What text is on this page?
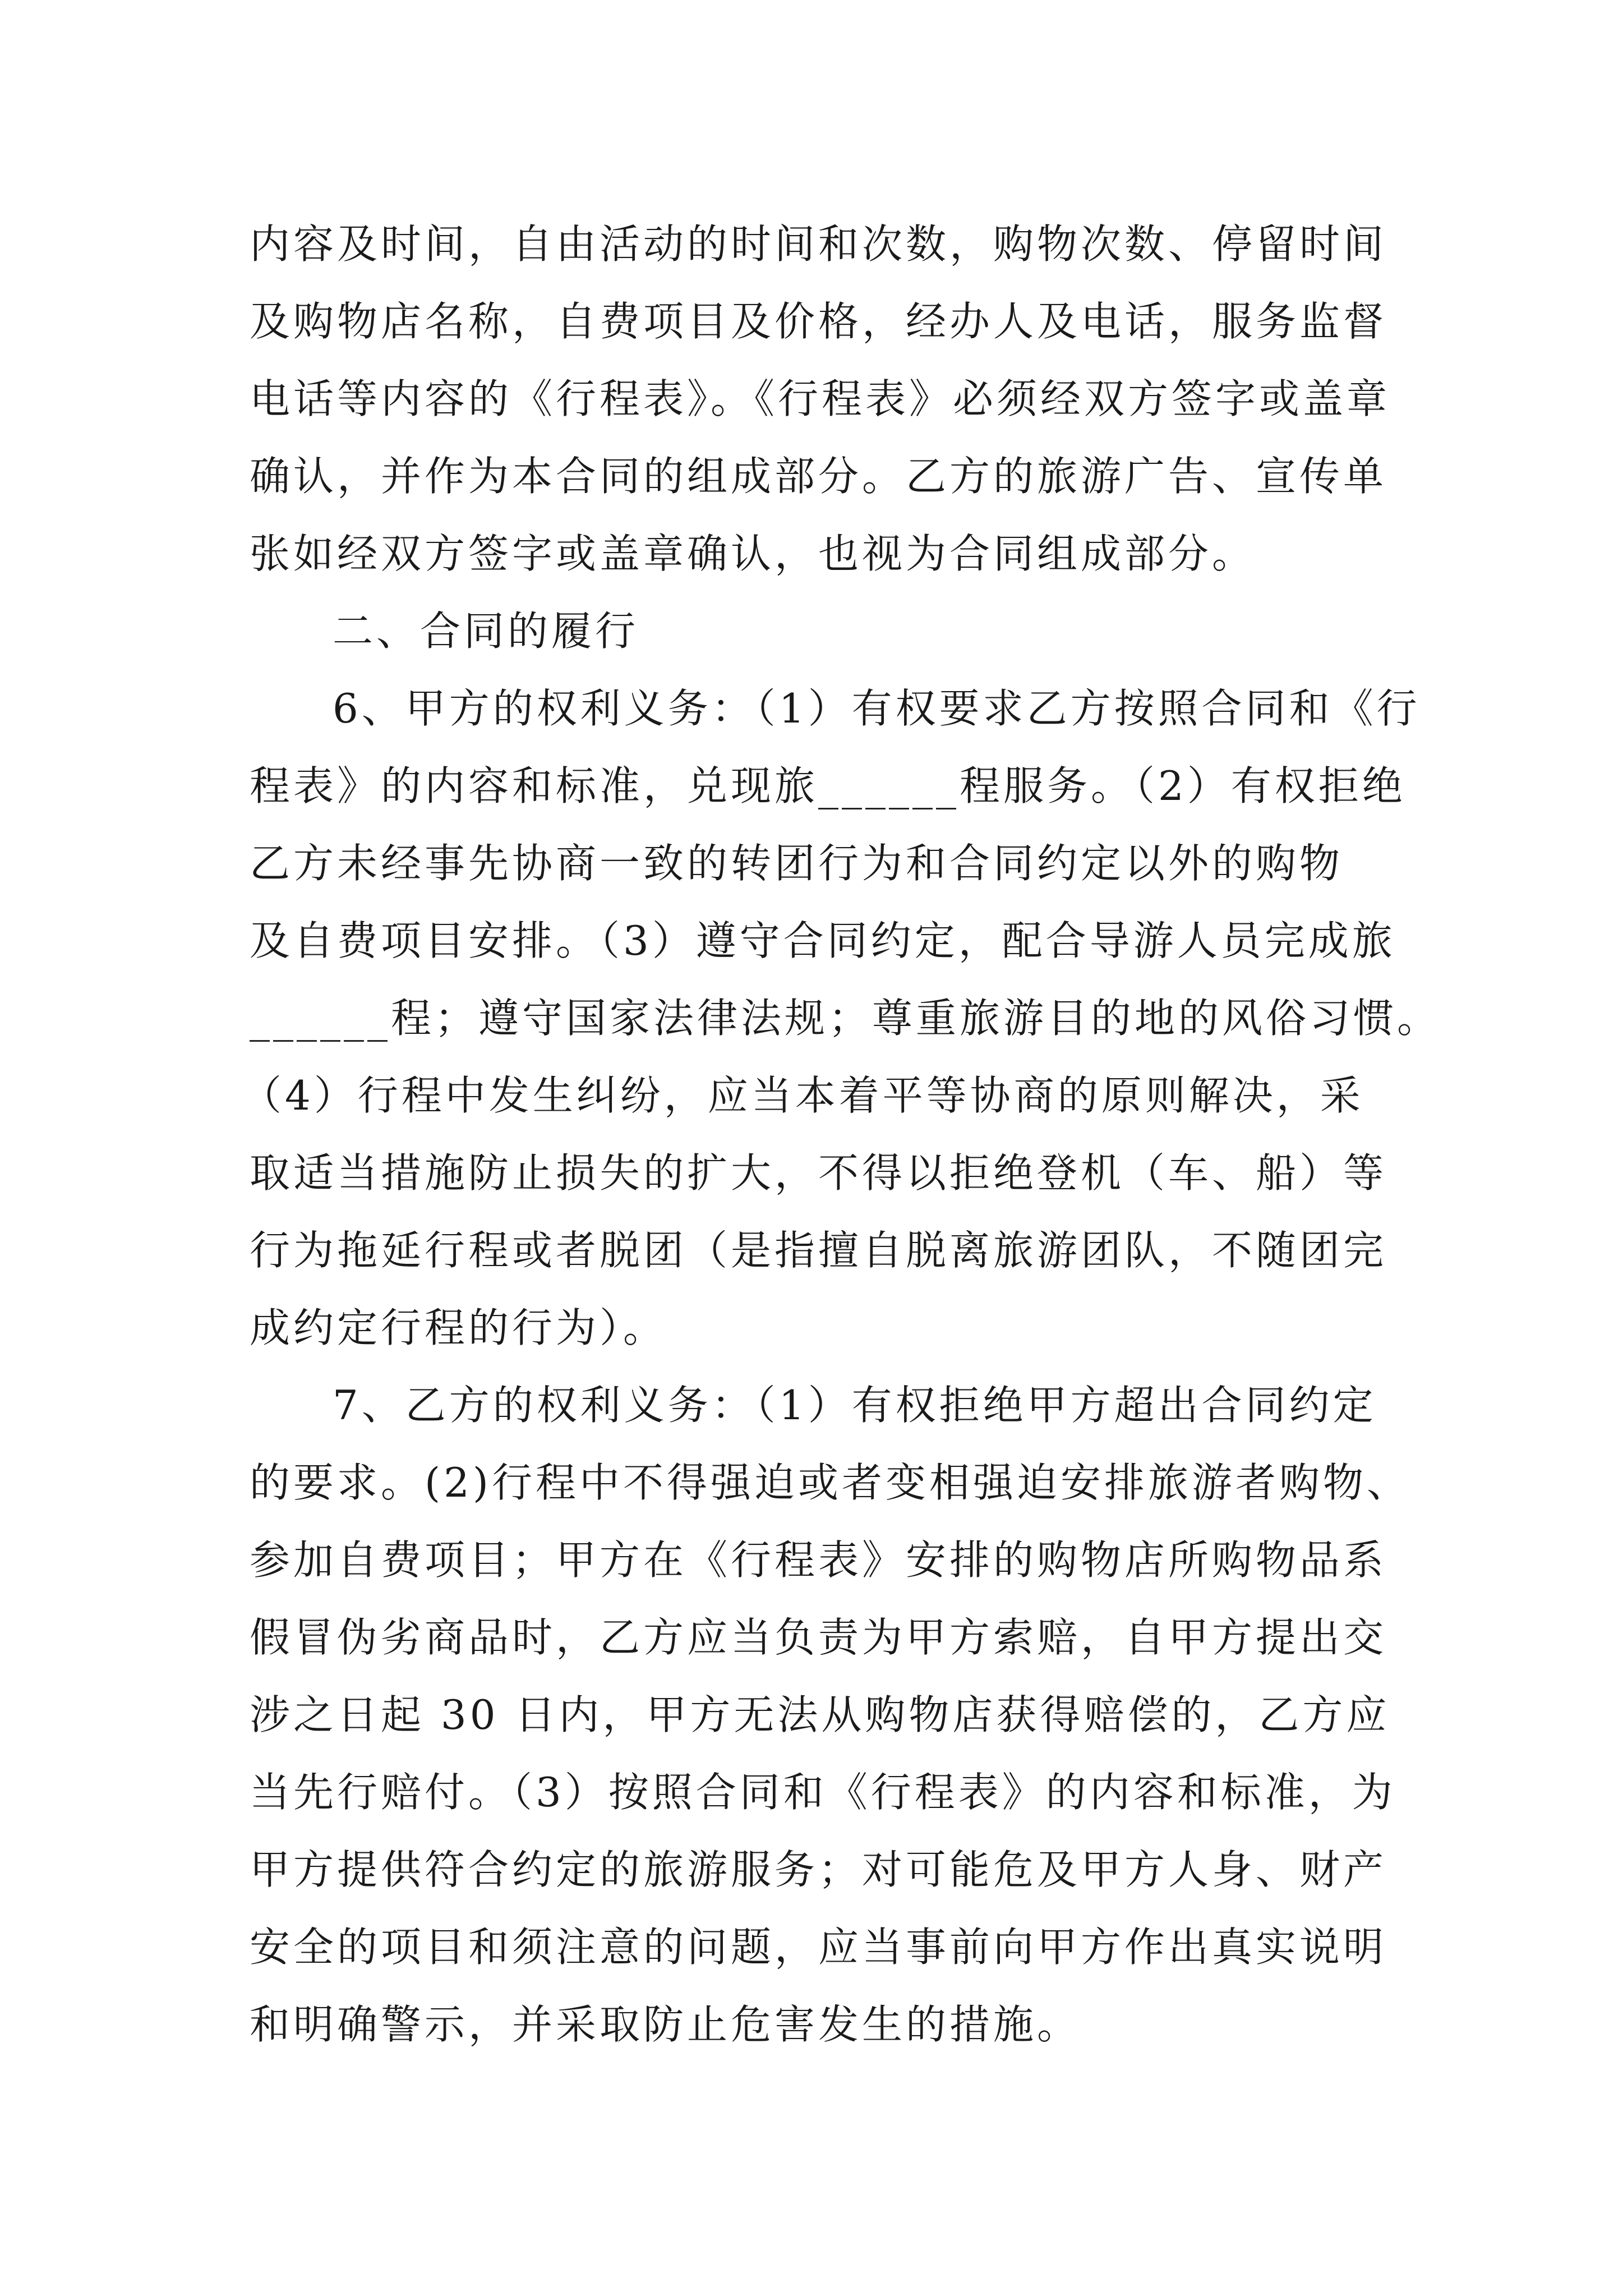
内容及时间，自由活动的时间和次数，购物次数、停留时间
及购物店名称，自费项目及价格，经办人及电话，服务监督
电话等内容的《行程表》。《行程表》必须经双方签字或盖章
确认，并作为本合同的组成部分。乙方的旅游广告、宣传单
张如经双方签字或盖章确认，也视为合同组成部分。
二、合同的履行
6、甲方的权利义务：（1）有权要求乙方按照合同和《行
程表》的内容和标准，兑现旅______程服务。（2）有权拒绝
乙方未经事先协商一致的转团行为和合同约定以外的购物
及自费项目安排。（3）遵守合同约定，配合导游人员完成旅
______程；遵守国家法律法规；尊重旅游目的地的风俗习惯。
（4）行程中发生纠纷，应当本着平等协商的原则解决，采
取适当措施防止损失的扩大，不得以拒绝登机（车、船）等
行为拖延行程或者脱团（是指擅自脱离旅游团队，不随团完
成约定行程的行为）。
7、乙方的权利义务：（1）有权拒绝甲方超出合同约定
的要求。(2)行程中不得强迫或者变相强迫安排旅游者购物、
参加自费项目；甲方在《行程表》安排的购物店所购物品系
假冒伪劣商品时，乙方应当负责为甲方索赔，自甲方提出交
涉之日起 30 日内，甲方无法从购物店获得赔偿的，乙方应
当先行赔付。（3）按照合同和《行程表》的内容和标准，为
甲方提供符合约定的旅游服务；对可能危及甲方人身、财产
安全的项目和须注意的问题，应当事前向甲方作出真实说明
和明确警示，并采取防止危害发生的措施。
